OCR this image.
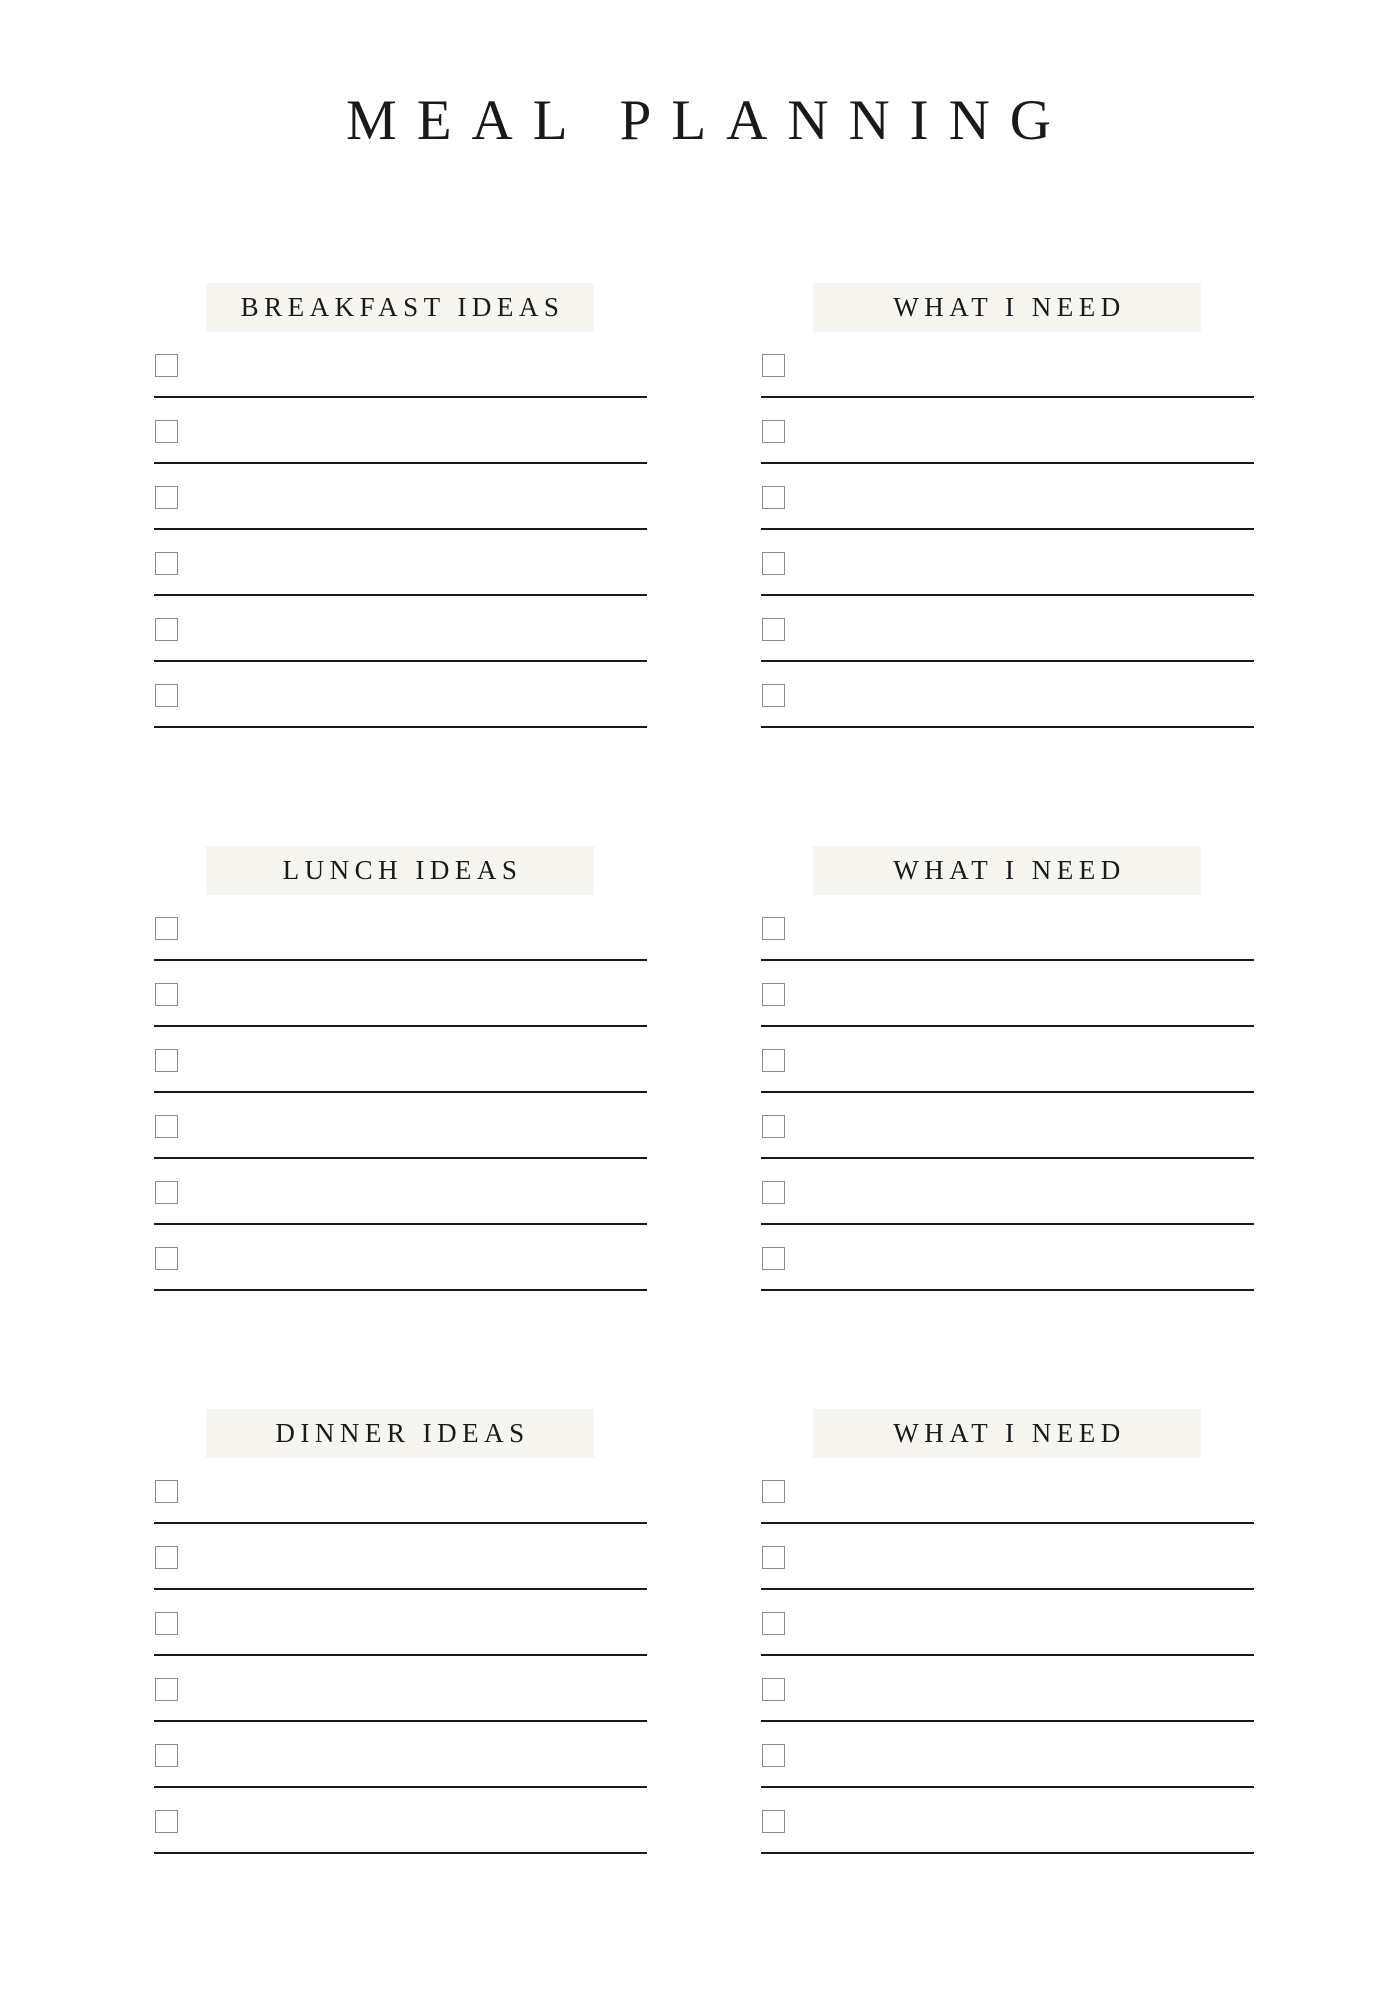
MEAL PLANNING
BREAKFAST IDEAS	WHAT I NEED
LUNCH IDEAS	WHAT I NEED
DINNER IDEAS	WHAT I NEED
